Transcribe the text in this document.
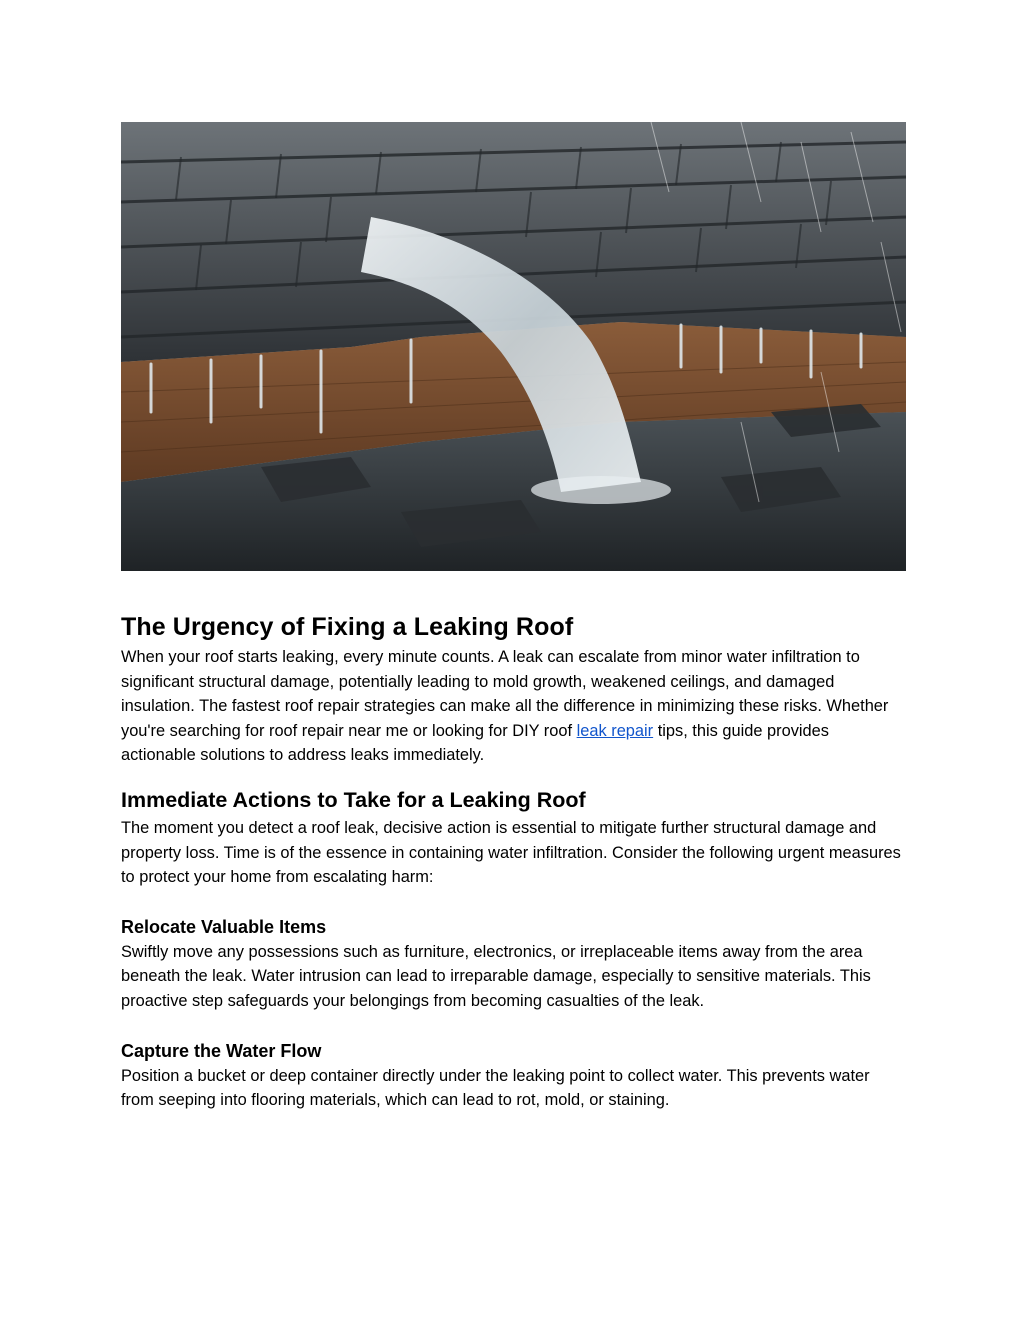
The Urgency of Fixing a Leaking Roof

When your roof starts leaking, every minute counts. A leak can escalate from minor water infiltration to significant structural damage, potentially leading to mold growth, weakened ceilings, and damaged insulation. The fastest roof repair strategies can make all the difference in minimizing these risks. Whether you're searching for roof repair near me or looking for DIY roof leak repair tips, this guide provides actionable solutions to address leaks immediately.

Immediate Actions to Take for a Leaking Roof

The moment you detect a roof leak, decisive action is essential to mitigate further structural damage and property loss. Time is of the essence in containing water infiltration. Consider the following urgent measures to protect your home from escalating harm:

Relocate Valuable Items

Swiftly move any possessions such as furniture, electronics, or irreplaceable items away from the area beneath the leak. Water intrusion can lead to irreparable damage, especially to sensitive materials. This proactive step safeguards your belongings from becoming casualties of the leak.

Capture the Water Flow

Position a bucket or deep container directly under the leaking point to collect water. This prevents water from seeping into flooring materials, which can lead to rot, mold, or staining.
